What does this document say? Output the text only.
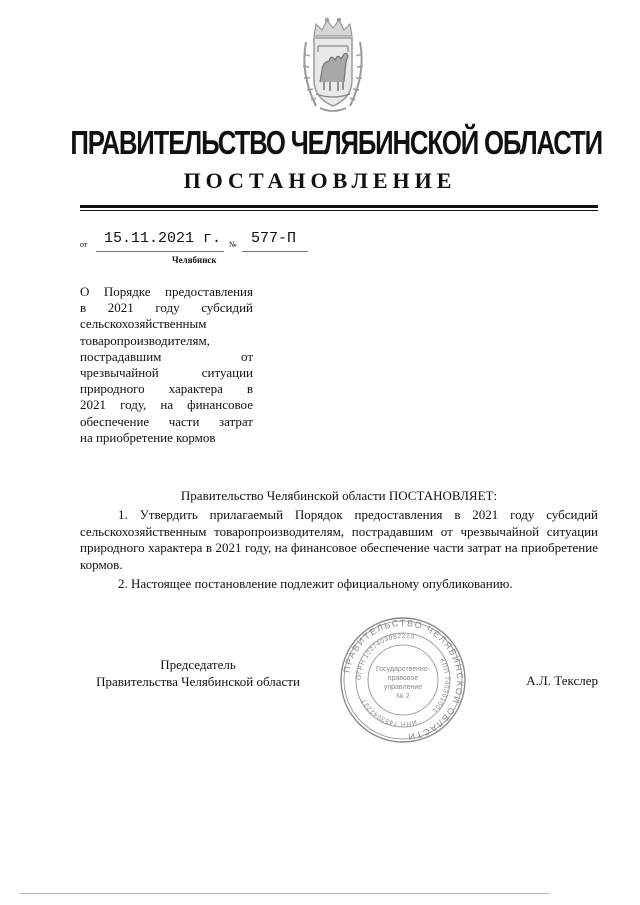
ПРАВИТЕЛЬСТВО ЧЕЛЯБИНСКОЙ ОБЛАСТИ
ПОСТАНОВЛЕНИЕ
от 15.11.2021 г. № 577-П
Челябинск
О Порядке предоставления
в 2021 году субсидий
сельскохозяйственным
товаропроизводителям,
пострадавшим от
чрезвычайной ситуации
природного характера в
2021 году, на финансовое
обеспечение части затрат
на приобретение кормов
Правительство Челябинской области ПОСТАНОВЛЯЕТ:
1. Утвердить прилагаемый Порядок предоставления в 2021 году субсидий сельскохозяйственным товаропроизводителям, пострадавшим от чрезвычайной ситуации природного характера в 2021 году, на финансовое обеспечение части затрат на приобретение кормов.
2. Настоящее постановление подлежит официальному опубликованию.
Председатель
Правительства Челябинской области
ПРАВИТЕЛЬСТВО ЧЕЛЯБИНСКОЙ ОБЛАСТИ
ОГРН 1027403882210
КПП 745301001
ИНН 7453042227
Государственно-
правовое
управление
№ 2
А.Л. Текслер
